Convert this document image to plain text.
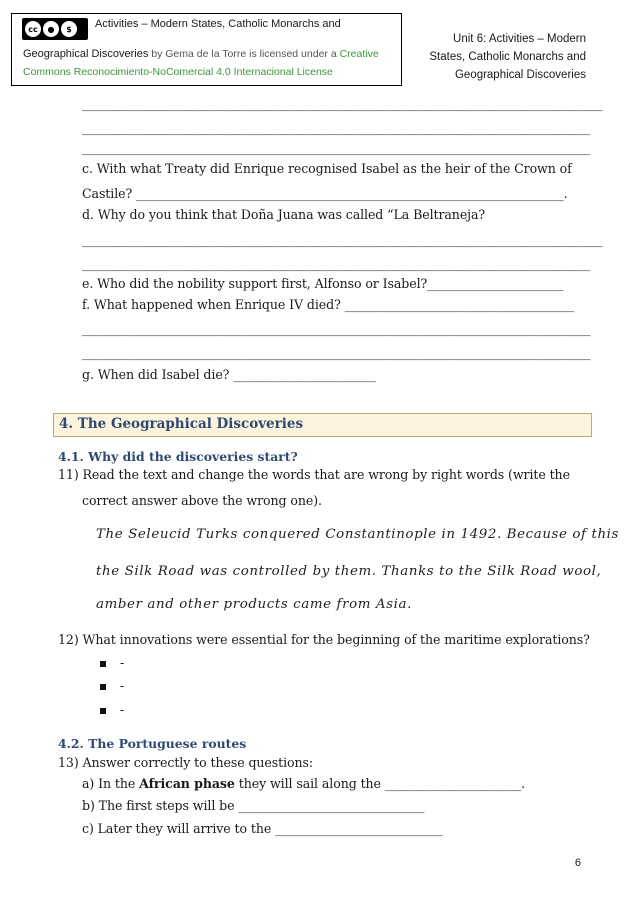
cc	●	$	Activities – Modern States, Catholic Monarchs and
Geographical Discoveries by Gema de la Torre is licensed under a Creative
Commons Reconocimiento-NoComercial 4.0 Internacional License
Unit 6: Activities – Modern
States, Catholic Monarchs and
Geographical Discoveries
____________________________________________________________________________________
__________________________________________________________________________________
__________________________________________________________________________________
c. With what Treaty did Enrique recognised Isabel as the heir of the Crown of
Castile? _____________________________________________________________________.
d. Why do you think that Doña Juana was called “La Beltraneja?
____________________________________________________________________________________
__________________________________________________________________________________
e. Who did the nobility support first, Alfonso or Isabel?______________________
f. What happened when Enrique IV died? _____________________________________
__________________________________________________________________________________
__________________________________________________________________________________
g. When did Isabel die? _______________________
4. The Geographical Discoveries
4.1. Why did the discoveries start?
11) Read the text and change the words that are wrong by right words (write the
correct answer above the wrong one).
The Seleucid Turks conquered Constantinople in 1492. Because of this
the Silk Road was controlled by them. Thanks to the Silk Road wool,
amber and other products came from Asia.
12) What innovations were essential for the beginning of the maritime explorations?
-
-
-
4.2. The Portuguese routes
13) Answer correctly to these questions:
a) In the African phase they will sail along the ______________________.
b) The first steps will be ______________________________
c) Later they will arrive to the ___________________________
6
